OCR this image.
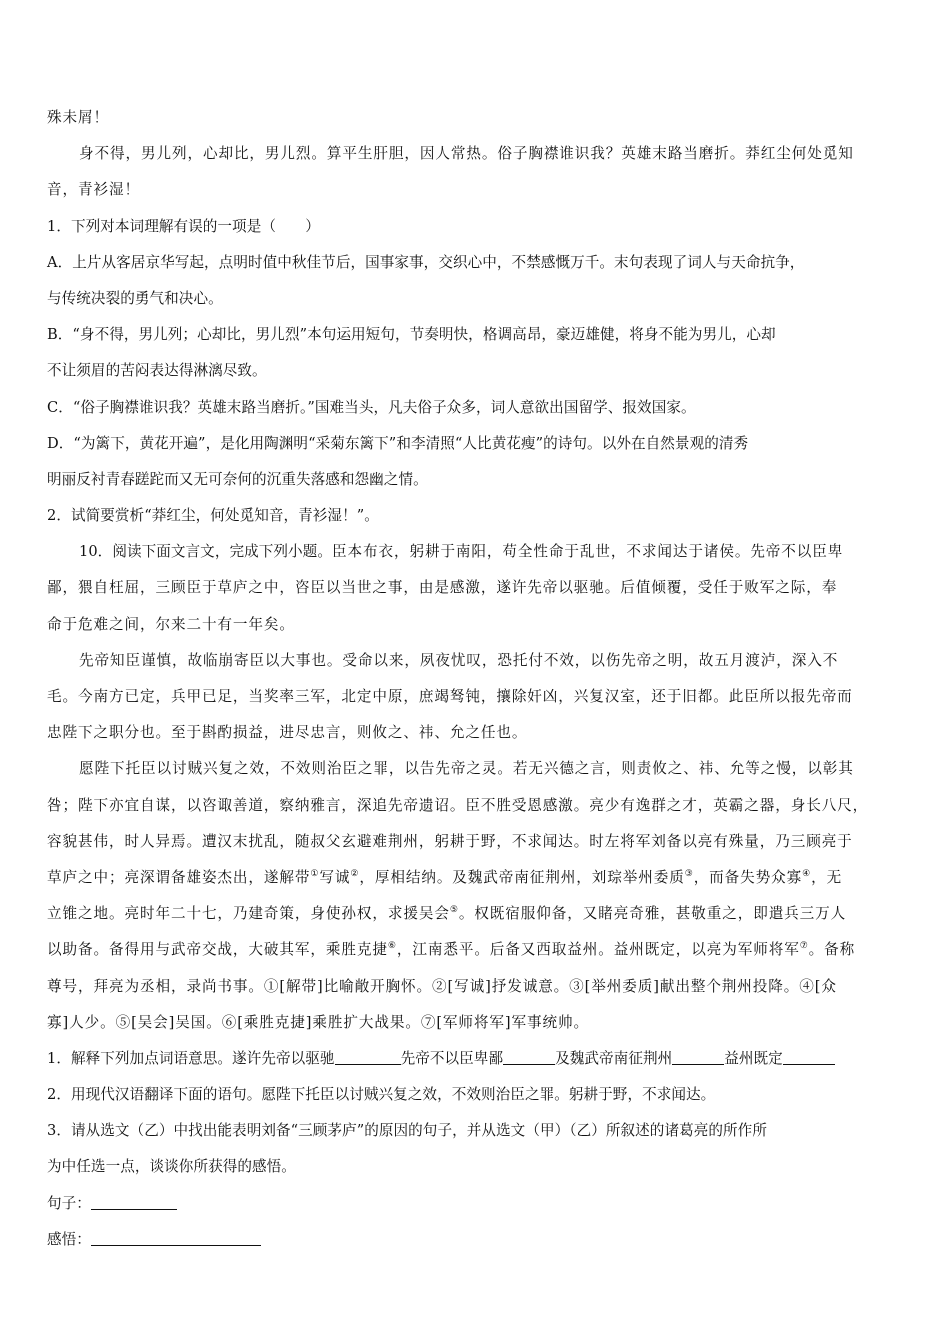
殊未屑！
身不得，男儿列，心却比，男儿烈。算平生肝胆，因人常热。俗子胸襟谁识我？英雄末路当磨折。莽红尘何处觅知
音，青衫湿！
1．下列对本词理解有误的一项是（　　）
A．上片从客居京华写起，点明时值中秋佳节后，国事家事，交织心中，不禁感慨万千。末句表现了词人与天命抗争，
与传统决裂的勇气和决心。
B．“身不得，男儿列；心却比，男儿烈”本句运用短句，节奏明快，格调高昂，豪迈雄健，将身不能为男儿，心却
不让须眉的苦闷表达得淋漓尽致。
C．“俗子胸襟谁识我？英雄末路当磨折。”国难当头，凡夫俗子众多，词人意欲出国留学、报效国家。
D．“为篱下，黄花开遍”，是化用陶渊明“采菊东篱下”和李清照“人比黄花瘦”的诗句。以外在自然景观的清秀
明丽反衬青春蹉跎而又无可奈何的沉重失落感和怨幽之情。
2．试简要赏析“莽红尘，何处觅知音，青衫湿！”。
10．阅读下面文言文，完成下列小题。臣本布衣，躬耕于南阳，苟全性命于乱世，不求闻达于诸侯。先帝不以臣卑
鄙，猥自枉屈，三顾臣于草庐之中，咨臣以当世之事，由是感激，遂许先帝以驱驰。后值倾覆，受任于败军之际，奉
命于危难之间，尔来二十有一年矣。
先帝知臣谨慎，故临崩寄臣以大事也。受命以来，夙夜忧叹，恐托付不效，以伤先帝之明，故五月渡泸，深入不
毛。今南方已定，兵甲已足，当奖率三军，北定中原，庶竭驽钝，攘除奸凶，兴复汉室，还于旧都。此臣所以报先帝而
忠陛下之职分也。至于斟酌损益，进尽忠言，则攸之、祎、允之任也。
愿陛下托臣以讨贼兴复之效，不效则治臣之罪，以告先帝之灵。若无兴德之言，则责攸之、祎、允等之慢，以彰其
咎；陛下亦宜自谋，以咨诹善道，察纳雅言，深追先帝遗诏。臣不胜受恩感激。亮少有逸群之才，英霸之器，身长八尺，
容貌甚伟，时人异焉。遭汉末扰乱，随叔父玄避难荆州，躬耕于野，不求闻达。时左将军刘备以亮有殊量，乃三顾亮于
草庐之中；亮深谓备雄姿杰出，遂解带①写诚②，厚相结纳。及魏武帝南征荆州，刘琮举州委质③，而备失势众寡④，无
立锥之地。亮时年二十七，乃建奇策，身使孙权，求援吴会⑤。权既宿服仰备，又睹亮奇雅，甚敬重之，即遣兵三万人
以助备。备得用与武帝交战，大破其军，乘胜克捷⑥，江南悉平。后备又西取益州。益州既定，以亮为军师将军⑦。备称
尊号，拜亮为丞相，录尚书事。①[解带]比喻敞开胸怀。②[写诚]抒发诚意。③[举州委质]献出整个荆州投降。④[众
寡]人少。⑤[吴会]吴国。⑥[乘胜克捷]乘胜扩大战果。⑦[军师将军]军事统帅。
1．解释下列加点词语意思。遂许先帝以驱驰	先帝不以臣卑鄙	及魏武帝南征荆州	益州既定
2．用现代汉语翻译下面的语句。愿陛下托臣以讨贼兴复之效，不效则治臣之罪。躬耕于野，不求闻达。
3．请从选文（乙）中找出能表明刘备“三顾茅庐”的原因的句子，并从选文（甲）（乙）所叙述的诸葛亮的所作所
为中任选一点，谈谈你所获得的感悟。
句子：
感悟：
